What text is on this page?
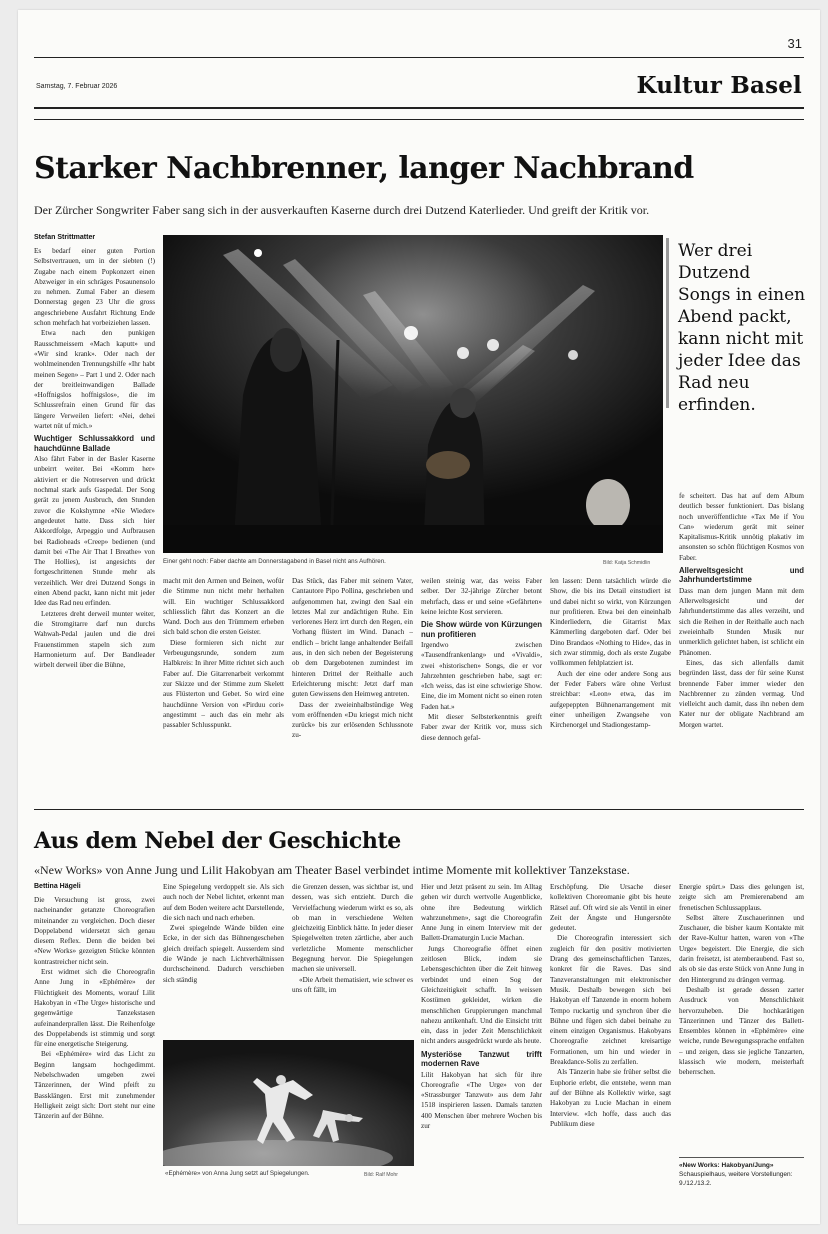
31
Samstag, 7. Februar 2026	Kultur Basel
Starker Nachbrenner, langer Nachbrand
Der Zürcher Songwriter Faber sang sich in der ausverkauften Kaserne durch drei Dutzend Katerlieder. Und greift der Kritik vor.
Stefan Strittmatter

Es bedarf einer guten Portion Selbstvertrauen, um in der siebten (!) Zugabe nach einem Popkonzert einen Abzweiger in ein schräges Posaunensolo zu nehmen. Zumal Faber an diesem Donnerstag gegen 23 Uhr die gross angeschriebene Ausfahrt Richtung Ende schon mehrfach hat vorbeiziehen lassen.

Etwa nach den punkigen Rausschmeissern «Mach kaputt» und «Wir sind krank». Oder nach der wohlmeinenden Trennungshilfe «Ihr habt meinen Segen» – Part 1 und 2. Oder nach der breitleinwandigen Ballade «Hoffnigslos hoffnigslos», die im Schlussrefrain einen Grund für das längere Verweilen liefert: «Nei, dehei wartet nüt uf mich.»

Wuchtiger Schlussakkord und hauchdünne Ballade

Also fährt Faber in der Basler Kaserne unbeirrt weiter. Bei «Komm her» aktiviert er die Notreserven und drückt nochmal stark aufs Gaspedal. Der Song gerät zu jenem Ausbruch, den Stunden zuvor die Kokshymne «Nie Wieder» angedeutet hatte. Dass sich hier Akkordfolge, Arpeggio und Aufbrausen bei Radioheads «Creep» bedienen (und damit bei «The Air That I Breathe» von The Hollies), ist angesichts der fortgeschrittenen Stunde mehr als verzeihlich. Wer drei Dutzend Songs in einen Abend packt, kann nicht mit jeder Idee das Rad neu erfinden.

Letzteres dreht derweil munter weiter, die Stromgitarre darf nun durchs Wahwah-Pedal jaulen und die drei Frauenstimmen stapeln sich zum Harmonieturm auf. Der Bandleader wirbelt derweil über die Bühne,

Einer geht noch: Faber dachte am Donnerstagabend in Basel nicht ans Aufhören.	Bild: Katja Schmidlin
Wer drei Dutzend Songs in einen Abend packt, kann nicht mit jeder Idee das Rad neu erfinden.

macht mit den Armen und Beinen, wofür die Stimme nun nicht mehr herhalten will. Ein wuchtiger Schlussakkord schliesslich fährt das Konzert an die Wand. Doch aus den Trümmern erheben sich bald schon die ersten Geister.

Diese formieren sich nicht zur Verbeugungsrunde, sondern zum Halbkreis: In ihrer Mitte richtet sich auch Faber auf. Die Gitarrenarbeit verkommt zur Skizze und der Stimme zum Skelett aus Flüsterton und Gebet. So wird eine hauchdünne Version von «Pirduu cori» angestimmt – auch das ein mehr als passabler Schlusspunkt.

Das Stück, das Faber mit seinem Vater, Cantautore Pipo Pollina, geschrieben und aufgenommen hat, zwingt den Saal ein letztes Mal zur andächtigen Ruhe. Ein verlorenes Herz irrt durch den Regen, ein Vorhang flüstert im Wind. Danach – endlich – bricht lange anhaltender Beifall aus, in den sich neben der Begeisterung ob dem Dargebotenen zumindest im hinteren Drittel der Reithalle auch Erleichterung mischt: Jetzt darf man guten Gewissens den Heimweg antreten.

Dass der zweieinhalbstündige Weg vom eröffnenden «Du kriegst mich nicht zurück» bis zur erlösenden Schlussnote zu-

weilen steinig war, das weiss Faber selber. Der 32-jährige Zürcher betont mehrfach, dass er und seine «Gefährten» keine leichte Kost servieren.

Die Show würde von Kürzungen nun profitieren

Irgendwo zwischen «Tausendfrankenlang» und «Vivaldi», zwei «historischen» Songs, die er vor Jahrzehnten geschrieben habe, sagt er: «Ich weiss, das ist eine schwierige Show. Eine, die im Moment nicht so einen roten Faden hat.»

Mit dieser Selbsterkenntnis greift Faber zwar der Kritik vor, muss sich diese dennoch gefal-

len lassen: Denn tatsächlich würde die Show, die bis ins Detail einstudiert ist und dabei nicht so wirkt, von Kürzungen nur profitieren. Etwa bei den eineinhalb Kinderliedern, die Gitarrist Max Kämmerling dargeboten darf. Oder bei Dino Brandaos «Nothing to Hide», das in sich zwar stimmig, doch als erste Zugabe vollkommen fehlplatziert ist.

Auch der eine oder andere Song aus der Feder Fabers wäre ohne Verlust streichbar: «Leon» etwa, das im aufgepeppten Bühnenarrangement mit einer unheiligen Zwangsehe von Kirchenorgel und Stadiongestamp-

fe scheitert. Das hat auf dem Album deutlich besser funktioniert. Das bislang noch unveröffentlichte «Tax Me if You Can» wiederum gerät mit seiner Kapitalismus-Kritik unnötig plakativ im ansonsten so schön flüchtigen Kosmos von Faber.

Allerweltsgesicht und Jahrhundertstimme

Dass man dem jungen Mann mit dem Allerweltsgesicht und der Jahrhundertstimme das alles verzeiht, und sich die Reihen in der Reithalle auch nach zweieinhalb Stunden Musik nur unmerklich gelichtet haben, ist schlicht ein Phänomen.

Eines, das sich allenfalls damit begründen lässt, dass der für seine Kunst brennende Faber immer wieder den Nachbrenner zu zünden vermag. Und vielleicht auch damit, dass ihn neben dem Kater nur der obligate Nachbrand am Morgen wartet.

Aus dem Nebel der Geschichte
«New Works» von Anne Jung und Lilit Hakobyan am Theater Basel verbindet intime Momente mit kollektiver Tanzekstase.
Bettina Hägeli

Die Versuchung ist gross, zwei nacheinander getanzte Choreografien miteinander zu vergleichen. Doch dieser Doppelabend widersetzt sich genau diesem Reflex. Denn die beiden bei «New Works» gezeigten Stücke könnten kontrastreicher nicht sein.

Erst widmet sich die Choreografin Anne Jung in «Ephémère» der Flüchtigkeit des Moments, worauf Lilit Hakobyan in «The Urge» historische und gegenwärtige Tanzekstasen aufeinanderprallen lässt. Die Reihenfolge des Doppelabends ist stimmig und sorgt für eine energetische Steigerung.

Bei «Ephémère» wird das Licht zu Beginn langsam hochgedimmt. Nebelschwaden umgeben zwei Tänzerinnen, der Wind pfeift zu Bassklängen. Erst mit zunehmender Helligkeit zeigt sich: Dort steht nur eine Tänzerin auf der Bühne.

Eine Spiegelung verdoppelt sie. Als sich auch noch der Nebel lichtet, erkennt man auf dem Boden weitere acht Darstellende, die sich nach und nach erheben.

Zwei spiegelnde Wände bilden eine Ecke, in der sich das Bühnengeschehen gleich dreifach spiegelt. Ausserdem sind die Wände je nach Lichtverhältnissen durchscheinend. Dadurch verschieben sich ständig

die Grenzen dessen, was sichtbar ist, und dessen, was sich entzieht. Durch die Vervielfachung wiederum wirkt es so, als ob man in verschiedene Welten gleichzeitig Einblick hätte. In jeder dieser Spiegelwelten treten zärtliche, aber auch verletzliche Momente menschlicher Begegnung hervor. Die Spiegelungen machen sie universell.

«Die Arbeit thematisiert, wie schwer es uns oft fällt, im

«Ephémère» von Anna Jung setzt auf Spiegelungen.	Bild: Ralf Mohr

Hier und Jetzt präsent zu sein. Im Alltag gehen wir durch wertvolle Augenblicke, ohne ihre Bedeutung wirklich wahrzunehmen», sagt die Choreografin Anne Jung in einem Interview mit der Ballett-Dramaturgin Lucie Machan.

Jungs Choreografie öffnet einen zeitlosen Blick, indem sie Lebensgeschichten über die Zeit hinweg verbindet und einen Sog der Gleichzeitigkeit schafft. In weissen Kostümen gekleidet, wirken die menschlichen Gruppierungen manchmal nahezu antikenhaft. Und die Einsicht tritt ein, dass in jeder Zeit Menschlichkeit nicht anders ausgedrückt wurde als heute.

Mysteriöse Tanzwut trifft modernen Rave

Lilit Hakobyan hat sich für ihre Choreografie «The Urge» von der «Strassburger Tanzwut» aus dem Jahr 1518 inspirieren lassen. Damals tanzten 400 Menschen über mehrere Wochen bis zur

Erschöpfung. Die Ursache dieser kollektiven Choreomanie gibt bis heute Rätsel auf. Oft wird sie als Ventil in einer Zeit der Ängste und Hungersnöte gedeutet.

Die Choreografin interessiert sich zugleich für den positiv motivierten Drang des gemeinschaftlichen Tanzes, konkret für die Raves. Das sind Tanzveranstaltungen mit elektronischer Musik. Deshalb bewegen sich bei Hakobyan elf Tanzende in enorm hohem Tempo ruckartig und synchron über die Bühne und fügen sich dabei beinahe zu einem einzigen Organismus. Hakobyans Choreografie zeichnet kreisartige Formationen, um hin und wieder in Breakdance-Solis zu zerfallen.

Als Tänzerin habe sie früher selbst die Euphorie erlebt, die entstehe, wenn man auf der Bühne als Kollektiv wirke, sagt Hakobyan zu Lucie Machan in einem Interview. «Ich hoffe, dass auch das Publikum diese

Energie spürt.» Dass dies gelungen ist, zeigte sich am Premierenabend am frenetischen Schlussapplaus.

Selbst ältere Zuschauerinnen und Zuschauer, die bisher kaum Kontakte mit der Rave-Kultur hatten, waren von «The Urge» begeistert. Die Energie, die sich darin freisetzt, ist atemberaubend. Fast so, als ob sie das erste Stück von Anne Jung in den Hintergrund zu drängen vermag.

Deshalb ist gerade dessen zarter Ausdruck von Menschlichkeit hervorzuheben. Die hochkarätigen Tänzerinnen und Tänzer des Ballett-Ensembles können in «Ephémère» eine weiche, runde Bewegungssprache entfalten – und zeigen, dass sie jegliche Tanzarten, klassisch wie modern, meisterhaft beherrschen.

«New Works: Hakobyan/Jung» Schauspielhaus, weitere Vorstellungen: 9./12./13.2.
